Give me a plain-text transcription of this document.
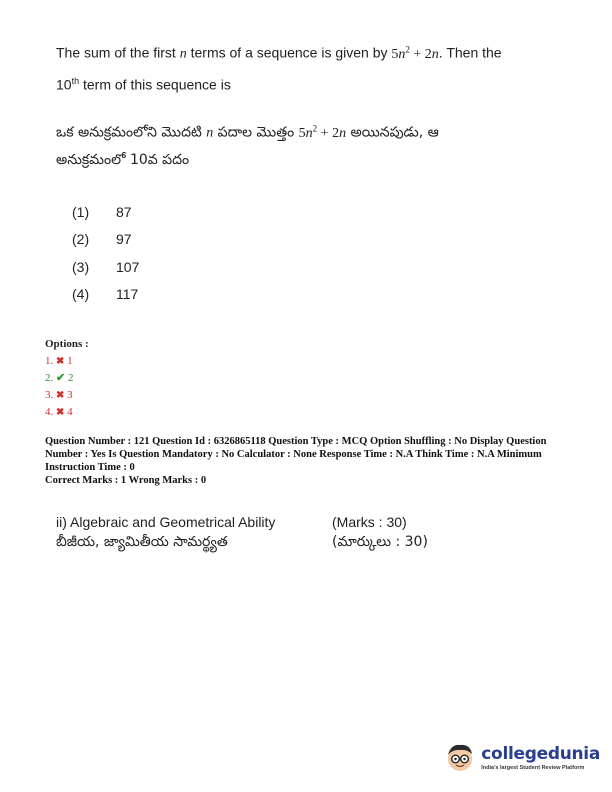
The sum of the first n terms of a sequence is given by $5n^2 + 2n$. Then the
10th term of this sequence is
ఒక అనుక్రమంలోని మొదటి n పదాల మొత్తం $5n^2 + 2n$ అయినపుడు, ఆ
అనుక్రమంలో 10వ పదం
(1)	87
(2)	97
(3)	107
(4)	117
Options :
1. ✖ 1
2. ✔ 2
3. ✖ 3
4. ✖ 4
Question Number : 121 Question Id : 6326865118 Question Type : MCQ Option Shuffling : No Display Question
Number : Yes Is Question Mandatory : No Calculator : None Response Time : N.A Think Time : N.A Minimum
Instruction Time : 0
Correct Marks : 1 Wrong Marks : 0
ii) Algebraic and Geometrical Ability	(Marks : 30)
బీజీయ, జ్యామితీయ సామర్థ్యత	(మార్కులు : 30)
collegedunia
India's largest Student Review Platform
